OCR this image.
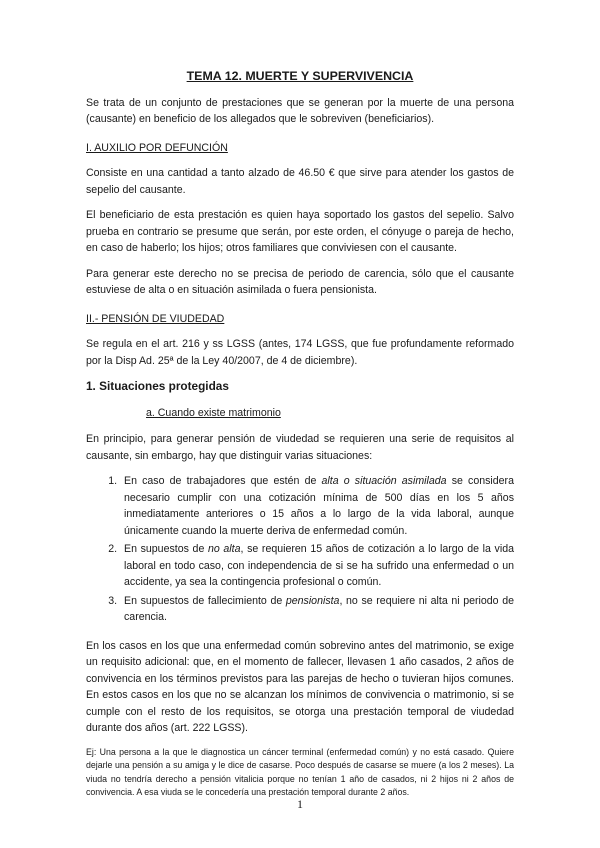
TEMA 12. MUERTE Y SUPERVIVENCIA

Se trata de un conjunto de prestaciones que se generan por la muerte de una persona (causante) en beneficio de los allegados que le sobreviven (beneficiarios).

I. AUXILIO POR DEFUNCIÓN

Consiste en una cantidad a tanto alzado de 46.50 € que sirve para atender los gastos de sepelio del causante.

El beneficiario de esta prestación es quien haya soportado los gastos del sepelio. Salvo prueba en contrario se presume que serán, por este orden, el cónyuge o pareja de hecho, en caso de haberlo; los hijos; otros familiares que conviviesen con el causante.

Para generar este derecho no se precisa de periodo de carencia, sólo que el causante estuviese de alta o en situación asimilada o fuera pensionista.

II.- PENSIÓN DE VIUDEDAD

Se regula en el art. 216 y ss LGSS (antes, 174 LGSS, que fue profundamente reformado por la Disp Ad. 25ª de la Ley 40/2007, de 4 de diciembre).

1. Situaciones protegidas
a. Cuando existe matrimonio

En principio, para generar pensión de viudedad se requieren una serie de requisitos al causante, sin embargo, hay que distinguir varias situaciones:

1. En caso de trabajadores que estén de alta o situación asimilada se considera necesario cumplir con una cotización mínima de 500 días en los 5 años inmediatamente anteriores o 15 años a lo largo de la vida laboral, aunque únicamente cuando la muerte deriva de enfermedad común.
2. En supuestos de no alta, se requieren 15 años de cotización a lo largo de la vida laboral en todo caso, con independencia de si se ha sufrido una enfermedad o un accidente, ya sea la contingencia profesional o común.
3. En supuestos de fallecimiento de pensionista, no se requiere ni alta ni periodo de carencia.

En los casos en los que una enfermedad común sobrevino antes del matrimonio, se exige un requisito adicional: que, en el momento de fallecer, llevasen 1 año casados, 2 años de convivencia en los términos previstos para las parejas de hecho o tuvieran hijos comunes. En estos casos en los que no se alcanzan los mínimos de convivencia o matrimonio, si se cumple con el resto de los requisitos, se otorga una prestación temporal de viudedad durante dos años (art. 222 LGSS).

Ej: Una persona a la que le diagnostica un cáncer terminal (enfermedad común) y no está casado. Quiere dejarle una pensión a su amiga y le dice de casarse. Poco después de casarse se muere (a los 2 meses). La viuda no tendría derecho a pensión vitalicia porque no tenían 1 año de casados, ni 2 hijos ni 2 años de convivencia. A esa viuda se le concedería una prestación temporal durante 2 años.
1
